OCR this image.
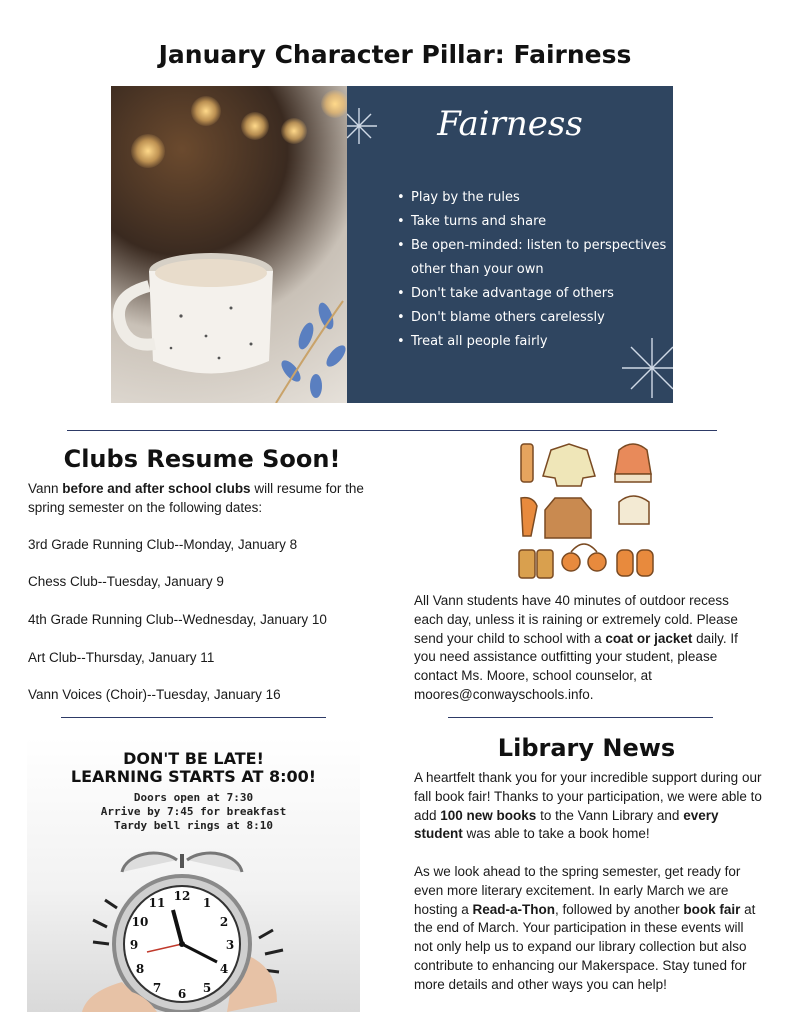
January Character Pillar: Fairness
Fairness
• Play by the rules
• Take turns and share
• Be open-minded: listen to perspectives other than your own
• Don't take advantage of others
• Don't blame others carelessly
• Treat all people fairly
Clubs Resume Soon!
Vann before and after school clubs will resume for the spring semester on the following dates:
3rd Grade Running Club--Monday, January 8
Chess Club--Tuesday, January 9
4th Grade Running Club--Wednesday, January 10
Art Club--Thursday, January 11
Vann Voices (Choir)--Tuesday, January 16
All Vann students have 40 minutes of outdoor recess each day, unless it is raining or extremely cold. Please send your child to school with a coat or jacket daily. If you need assistance outfitting your student, please contact Ms. Moore, school counselor, at moores@conwayschools.info.
DON'T BE LATE!
LEARNING STARTS AT 8:00!
Doors open at 7:30
Arrive by 7:45 for breakfast
Tardy bell rings at 8:10
12 1
2
3
4
5
6
7
8
9
10
11
Library News
A heartfelt thank you for your incredible support during our fall book fair! Thanks to your participation, we were able to add 100 new books to the Vann Library and every student was able to take a book home!
As we look ahead to the spring semester, get ready for even more literary excitement. In early March we are hosting a Read-a-Thon, followed by another book fair at the end of March. Your participation in these events will not only help us to expand our library collection but also contribute to enhancing our Makerspace. Stay tuned for more details and other ways you can help!
